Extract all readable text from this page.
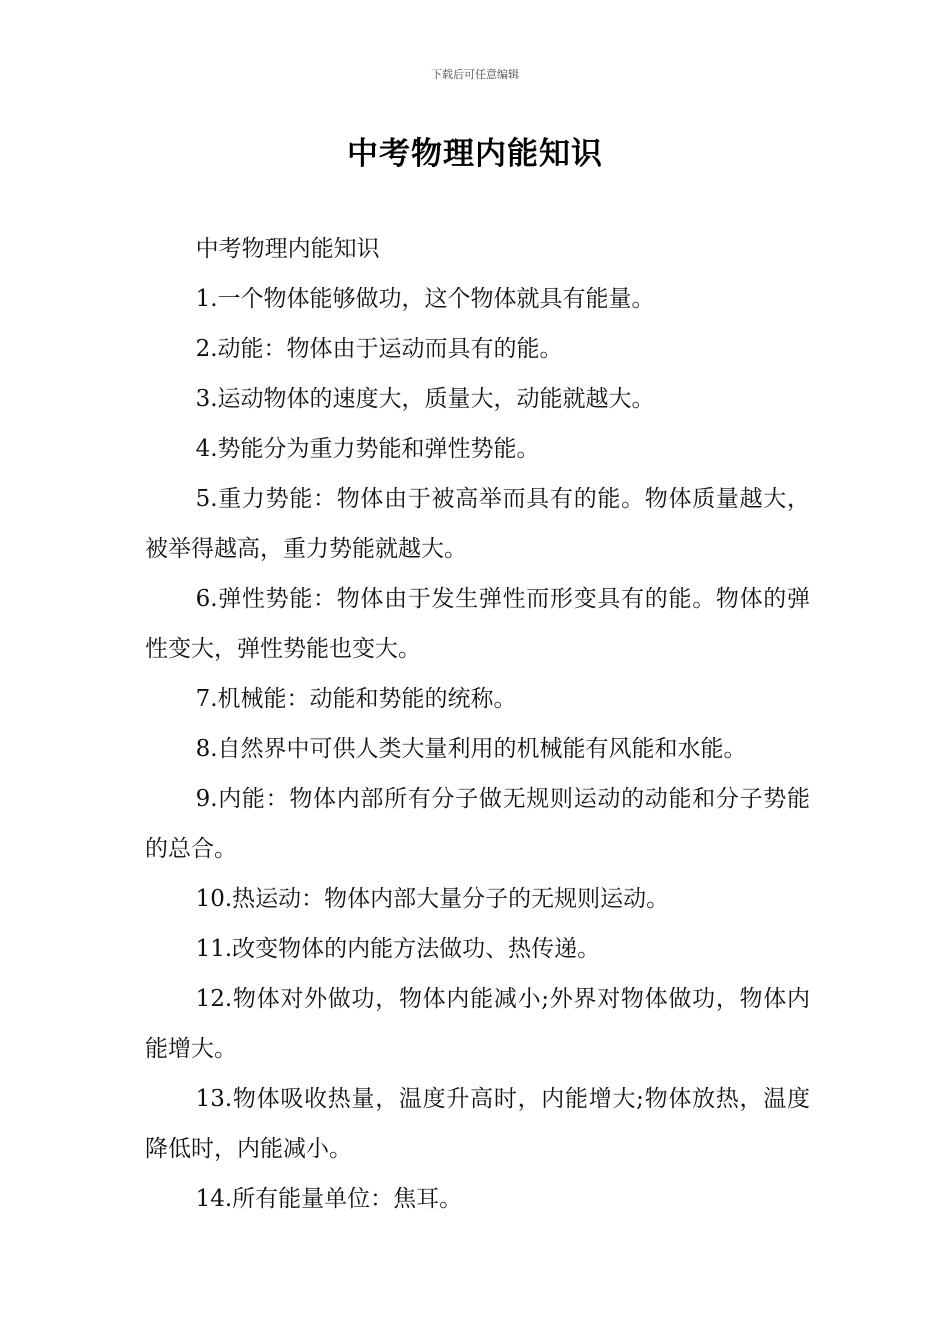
下载后可任意编辑
中考物理内能知识

中考物理内能知识

1.一个物体能够做功，这个物体就具有能量。

2.动能：物体由于运动而具有的能。

3.运动物体的速度大，质量大，动能就越大。

4.势能分为重力势能和弹性势能。

5.重力势能：物体由于被高举而具有的能。物体质量越大，被举得越高，重力势能就越大。

6.弹性势能：物体由于发生弹性而形变具有的能。物体的弹性变大，弹性势能也变大。

7.机械能：动能和势能的统称。

8.自然界中可供人类大量利用的机械能有风能和水能。

9.内能：物体内部所有分子做无规则运动的动能和分子势能的总合。

10.热运动：物体内部大量分子的无规则运动。

11.改变物体的内能方法做功、热传递。

12.物体对外做功，物体内能减小;外界对物体做功，物体内能增大。

13.物体吸收热量，温度升高时，内能增大;物体放热，温度降低时，内能减小。

14.所有能量单位：焦耳。
